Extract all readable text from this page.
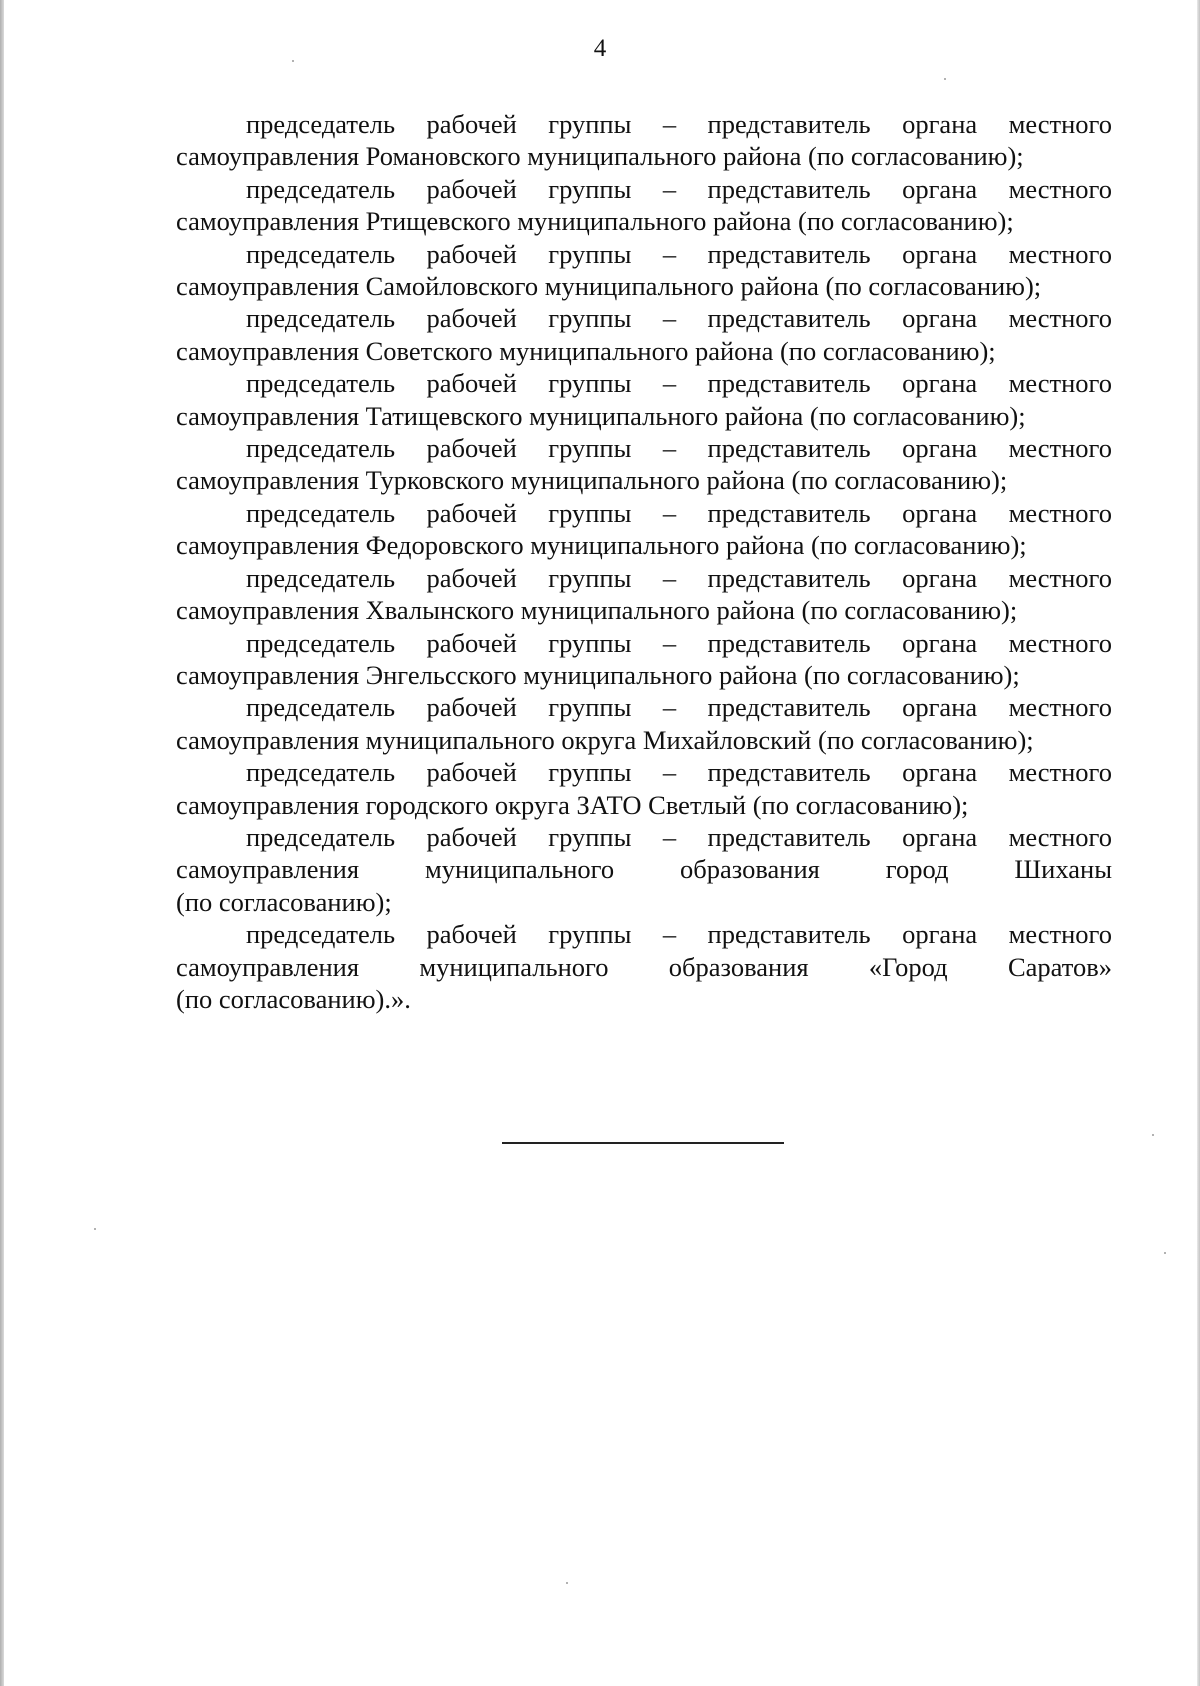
4

председатель рабочей группы – представитель органа местного
самоуправления Романовского муниципального района (по согласованию);

председатель рабочей группы – представитель органа местного
самоуправления Ртищевского муниципального района (по согласованию);

председатель рабочей группы – представитель органа местного
самоуправления Самойловского муниципального района (по согласованию);

председатель рабочей группы – представитель органа местного
самоуправления Советского муниципального района (по согласованию);

председатель рабочей группы – представитель органа местного
самоуправления Татищевского муниципального района (по согласованию);

председатель рабочей группы – представитель органа местного
самоуправления Турковского муниципального района (по согласованию);

председатель рабочей группы – представитель органа местного
самоуправления Федоровского муниципального района (по согласованию);

председатель рабочей группы – представитель органа местного
самоуправления Хвалынского муниципального района (по согласованию);

председатель рабочей группы – представитель органа местного
самоуправления Энгельсского муниципального района (по согласованию);

председатель рабочей группы – представитель органа местного
самоуправления муниципального округа Михайловский (по согласованию);

председатель рабочей группы – представитель органа местного
самоуправления городского округа ЗАТО Светлый (по согласованию);

председатель рабочей группы – представитель органа местного
самоуправления муниципального образования город Шиханы
(по согласованию);

председатель рабочей группы – представитель органа местного
самоуправления муниципального образования «Город Саратов»
(по согласованию).».
